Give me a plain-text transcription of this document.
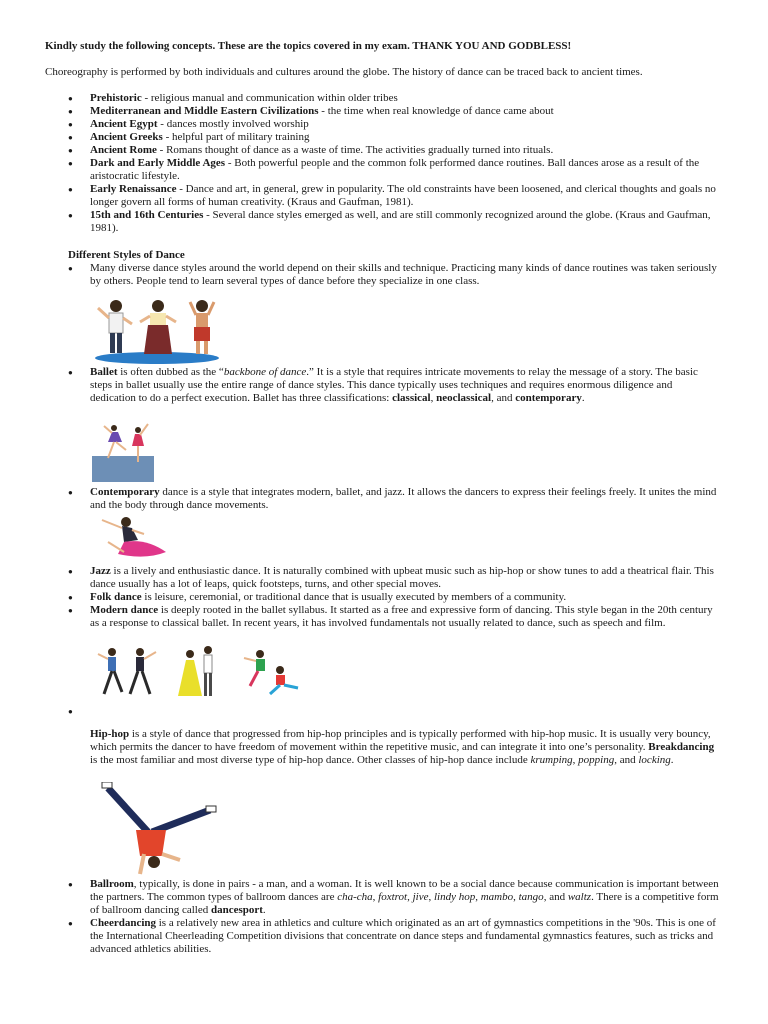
Kindly study the following concepts. These are the topics covered in my exam. THANK YOU AND GODBLESS!
Choreography is performed by both individuals and cultures around the globe. The history of dance can be traced back to ancient times.
● Prehistoric - religious manual and communication within older tribes
● Mediterranean and Middle Eastern Civilizations - the time when real knowledge of dance came about
● Ancient Egypt - dances mostly involved worship
● Ancient Greeks - helpful part of military training
● Ancient Rome - Romans thought of dance as a waste of time. The activities gradually turned into rituals.
● Dark and Early Middle Ages - Both powerful people and the common folk performed dance routines. Ball dances arose as a result of the aristocratic lifestyle.
● Early Renaissance - Dance and art, in general, grew in popularity. The old constraints have been loosened, and clerical thoughts and goals no longer govern all forms of human creativity. (Kraus and Gaufman, 1981).
● 15th and 16th Centuries - Several dance styles emerged as well, and are still commonly recognized around the globe. (Kraus and Gaufman, 1981).
Different Styles of Dance
● Many diverse dance styles around the world depend on their skills and technique. Practicing many kinds of dance routines was taken seriously by others. People tend to learn several types of dance before they specialize in one class.
● Ballet is often dubbed as the “backbone of dance.” It is a style that requires intricate movements to relay the message of a story. The basic steps in ballet usually use the entire range of dance styles. This dance typically uses techniques and requires enormous diligence and dedication to do a perfect execution. Ballet has three classifications: classical, neoclassical, and contemporary.
● Contemporary dance is a style that integrates modern, ballet, and jazz. It allows the dancers to express their feelings freely. It unites the mind and the body through dance movements.
● Jazz is a lively and enthusiastic dance. It is naturally combined with upbeat music such as hip-hop or show tunes to add a theatrical flair. This dance usually has a lot of leaps, quick footsteps, turns, and other special moves.
● Folk dance is leisure, ceremonial, or traditional dance that is usually executed by members of a community.
● Modern dance is deeply rooted in the ballet syllabus. It started as a free and expressive form of dancing. This style began in the 20th century as a response to classical ballet. In recent years, it has involved fundamentals not usually related to dance, such as speech and film.
●
Hip-hop is a style of dance that progressed from hip-hop principles and is typically performed with hip-hop music. It is usually very bouncy, which permits the dancer to have freedom of movement within the repetitive music, and can integrate it into one’s personality. Breakdancing is the most familiar and most diverse type of hip-hop dance. Other classes of hip-hop dance include krumping, popping, and locking.
● Ballroom, typically, is done in pairs - a man, and a woman. It is well known to be a social dance because communication is important between the partners. The common types of ballroom dances are cha-cha, foxtrot, jive, lindy hop, mambo, tango, and waltz. There is a competitive form of ballroom dancing called dancesport.
● Cheerdancing is a relatively new area in athletics and culture which originated as an art of gymnastics competitions in the '90s. This is one of the International Cheerleading Competition divisions that concentrate on dance steps and fundamental gymnastics features, such as tricks and advanced athletics abilities.
